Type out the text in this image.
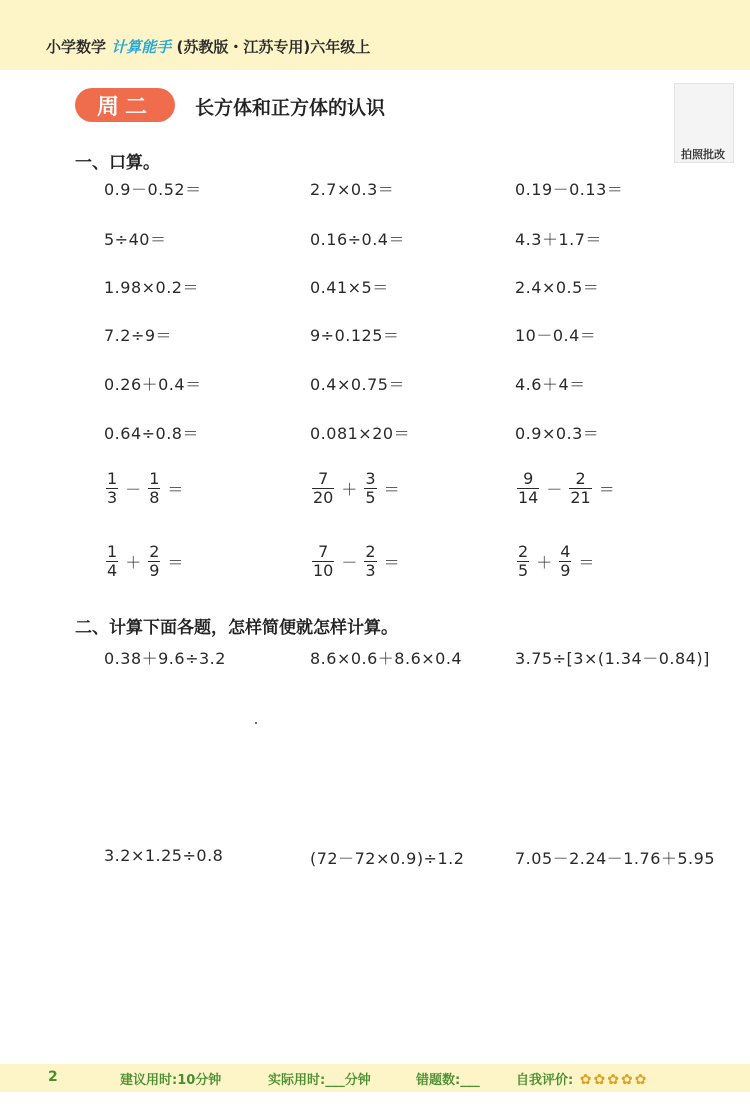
小学数学 计算能手 (苏教版・江苏专用)六年级上
周二	长方体和正方体的认识
拍照批改
一、口算。
0.9－0.52＝	2.7×0.3＝	0.19－0.13＝
5÷40＝	0.16÷0.4＝	4.3＋1.7＝
1.98×0.2＝	0.41×5＝	2.4×0.5＝
7.2÷9＝	9÷0.125＝	10－0.4＝
0.26＋0.4＝	0.4×0.75＝	4.6＋4＝
0.64÷0.8＝	0.081×20＝	0.9×0.3＝
$\frac{1}{3} - \frac{1}{8}$ ＝	$\frac{7}{20} + \frac{3}{5}$ ＝	$\frac{9}{14} - \frac{2}{21}$ ＝
$\frac{1}{4} + \frac{2}{9}$ ＝	$\frac{7}{10} - \frac{2}{3}$ ＝	$\frac{2}{5} + \frac{4}{9}$ ＝
二、计算下面各题，怎样简便就怎样计算。
0.38＋9.6÷3.2	8.6×0.6＋8.6×0.4	3.75÷[3×(1.34－0.84)]
3.2×1.25÷0.8	(72－72×0.9)÷1.2	7.05－2.24－1.76＋5.95
2	建议用时:10分钟	实际用时:___分钟	错题数:___	自我评价: ✿ ✿ ✿ ✿ ✿
